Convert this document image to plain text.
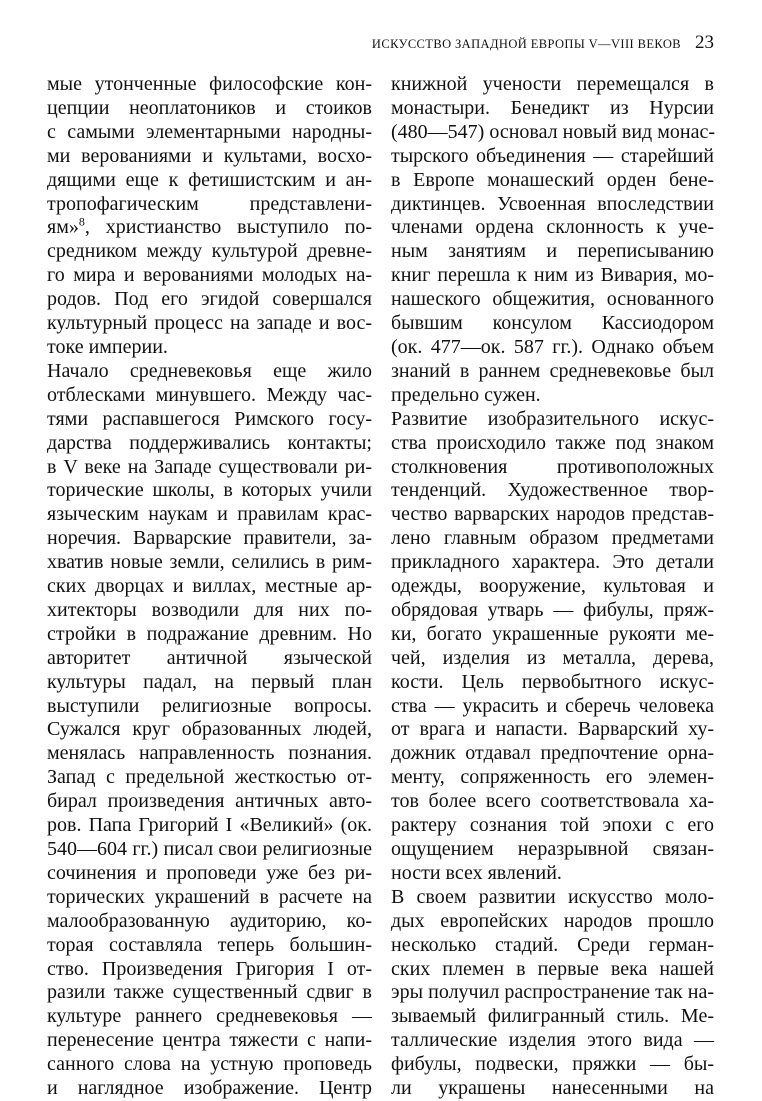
ИСКУССТВО ЗАПАДНОЙ ЕВРОПЫ V—VIII ВЕКОВ 23
мые утонченные философские кон-
цепции неоплатоников и стоиков
с самыми элементарными народны-
ми верованиями и культами, восхо-
дящими еще к фетишистским и ан-
тропофагическим представлени-
ям»$^8$, христианство выступило по-
средником между культурой древне-
го мира и верованиями молодых на-
родов. Под его эгидой совершался
культурный процесс на западе и вос-
токе империи.
Начало средневековья еще жило
отблесками минувшего. Между час-
тями распавшегося Римского госу-
дарства поддерживались контакты;
в V веке на Западе существовали ри-
торические школы, в которых учили
языческим наукам и правилам крас-
норечия. Варварские правители, за-
хватив новые земли, селились в рим-
ских дворцах и виллах, местные ар-
хитекторы возводили для них по-
стройки в подражание древним. Но
авторитет античной языческой
культуры падал, на первый план
выступили религиозные вопросы.
Сужался круг образованных людей,
менялась направленность познания.
Запад с предельной жесткостью от-
бирал произведения античных авто-
ров. Папа Григорий I «Великий» (ок.
540—604 гг.) писал свои религиозные
сочинения и проповеди уже без ри-
торических украшений в расчете на
малообразованную аудиторию, ко-
торая составляла теперь большин-
ство. Произведения Григория I от-
разили также существенный сдвиг в
культуре раннего средневековья —
перенесение центра тяжести с напи-
санного слова на устную проповедь
и наглядное изображение. Центр
книжной учености перемещался в
монастыри. Бенедикт из Нурсии
(480—547) основал новый вид монас-
тырского объединения — старейший
в Европе монашеский орден бене-
диктинцев. Усвоенная впоследствии
членами ордена склонность к уче-
ным занятиям и переписыванию
книг перешла к ним из Вивария, мо-
нашеского общежития, основанного
бывшим консулом Кассиодором
(ок. 477—ок. 587 гг.). Однако объем
знаний в раннем средневековье был
предельно сужен.
Развитие изобразительного искус-
ства происходило также под знаком
столкновения противоположных
тенденций. Художественное твор-
чество варварских народов представ-
лено главным образом предметами
прикладного характера. Это детали
одежды, вооружение, культовая и
обрядовая утварь — фибулы, пряж-
ки, богато украшенные рукояти ме-
чей, изделия из металла, дерева,
кости. Цель первобытного искус-
ства — украсить и сберечь человека
от врага и напасти. Варварский ху-
дожник отдавал предпочтение орна-
менту, сопряженность его элемен-
тов более всего соответствовала ха-
рактеру сознания той эпохи с его
ощущением неразрывной связан-
ности всех явлений.
В своем развитии искусство моло-
дых европейских народов прошло
несколько стадий. Среди герман-
ских племен в первые века нашей
эры получил распространение так на-
зываемый филигранный стиль. Ме-
таллические изделия этого вида —
фибулы, подвески, пряжки — бы-
ли украшены нанесенными на
